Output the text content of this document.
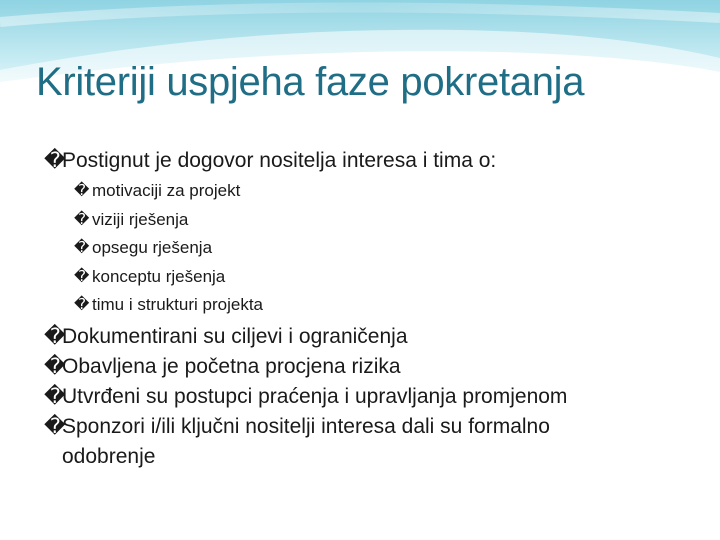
Kriteriji uspjeha faze pokretanja
�
Postignut je dogovor nositelja interesa i tima o:
� motivaciji za projekt
� viziji rješenja
� opsegu rješenja
� konceptu rješenja
� timu i strukturi projekta
�
Dokumentirani su ciljevi i ograničenja
�
Obavljena je početna procjena rizika
�
Utvrđeni su postupci praćenja i upravljanja promjenom
�
Sponzori i/ili ključni nositelji interesa dali su formalno
odobrenje
